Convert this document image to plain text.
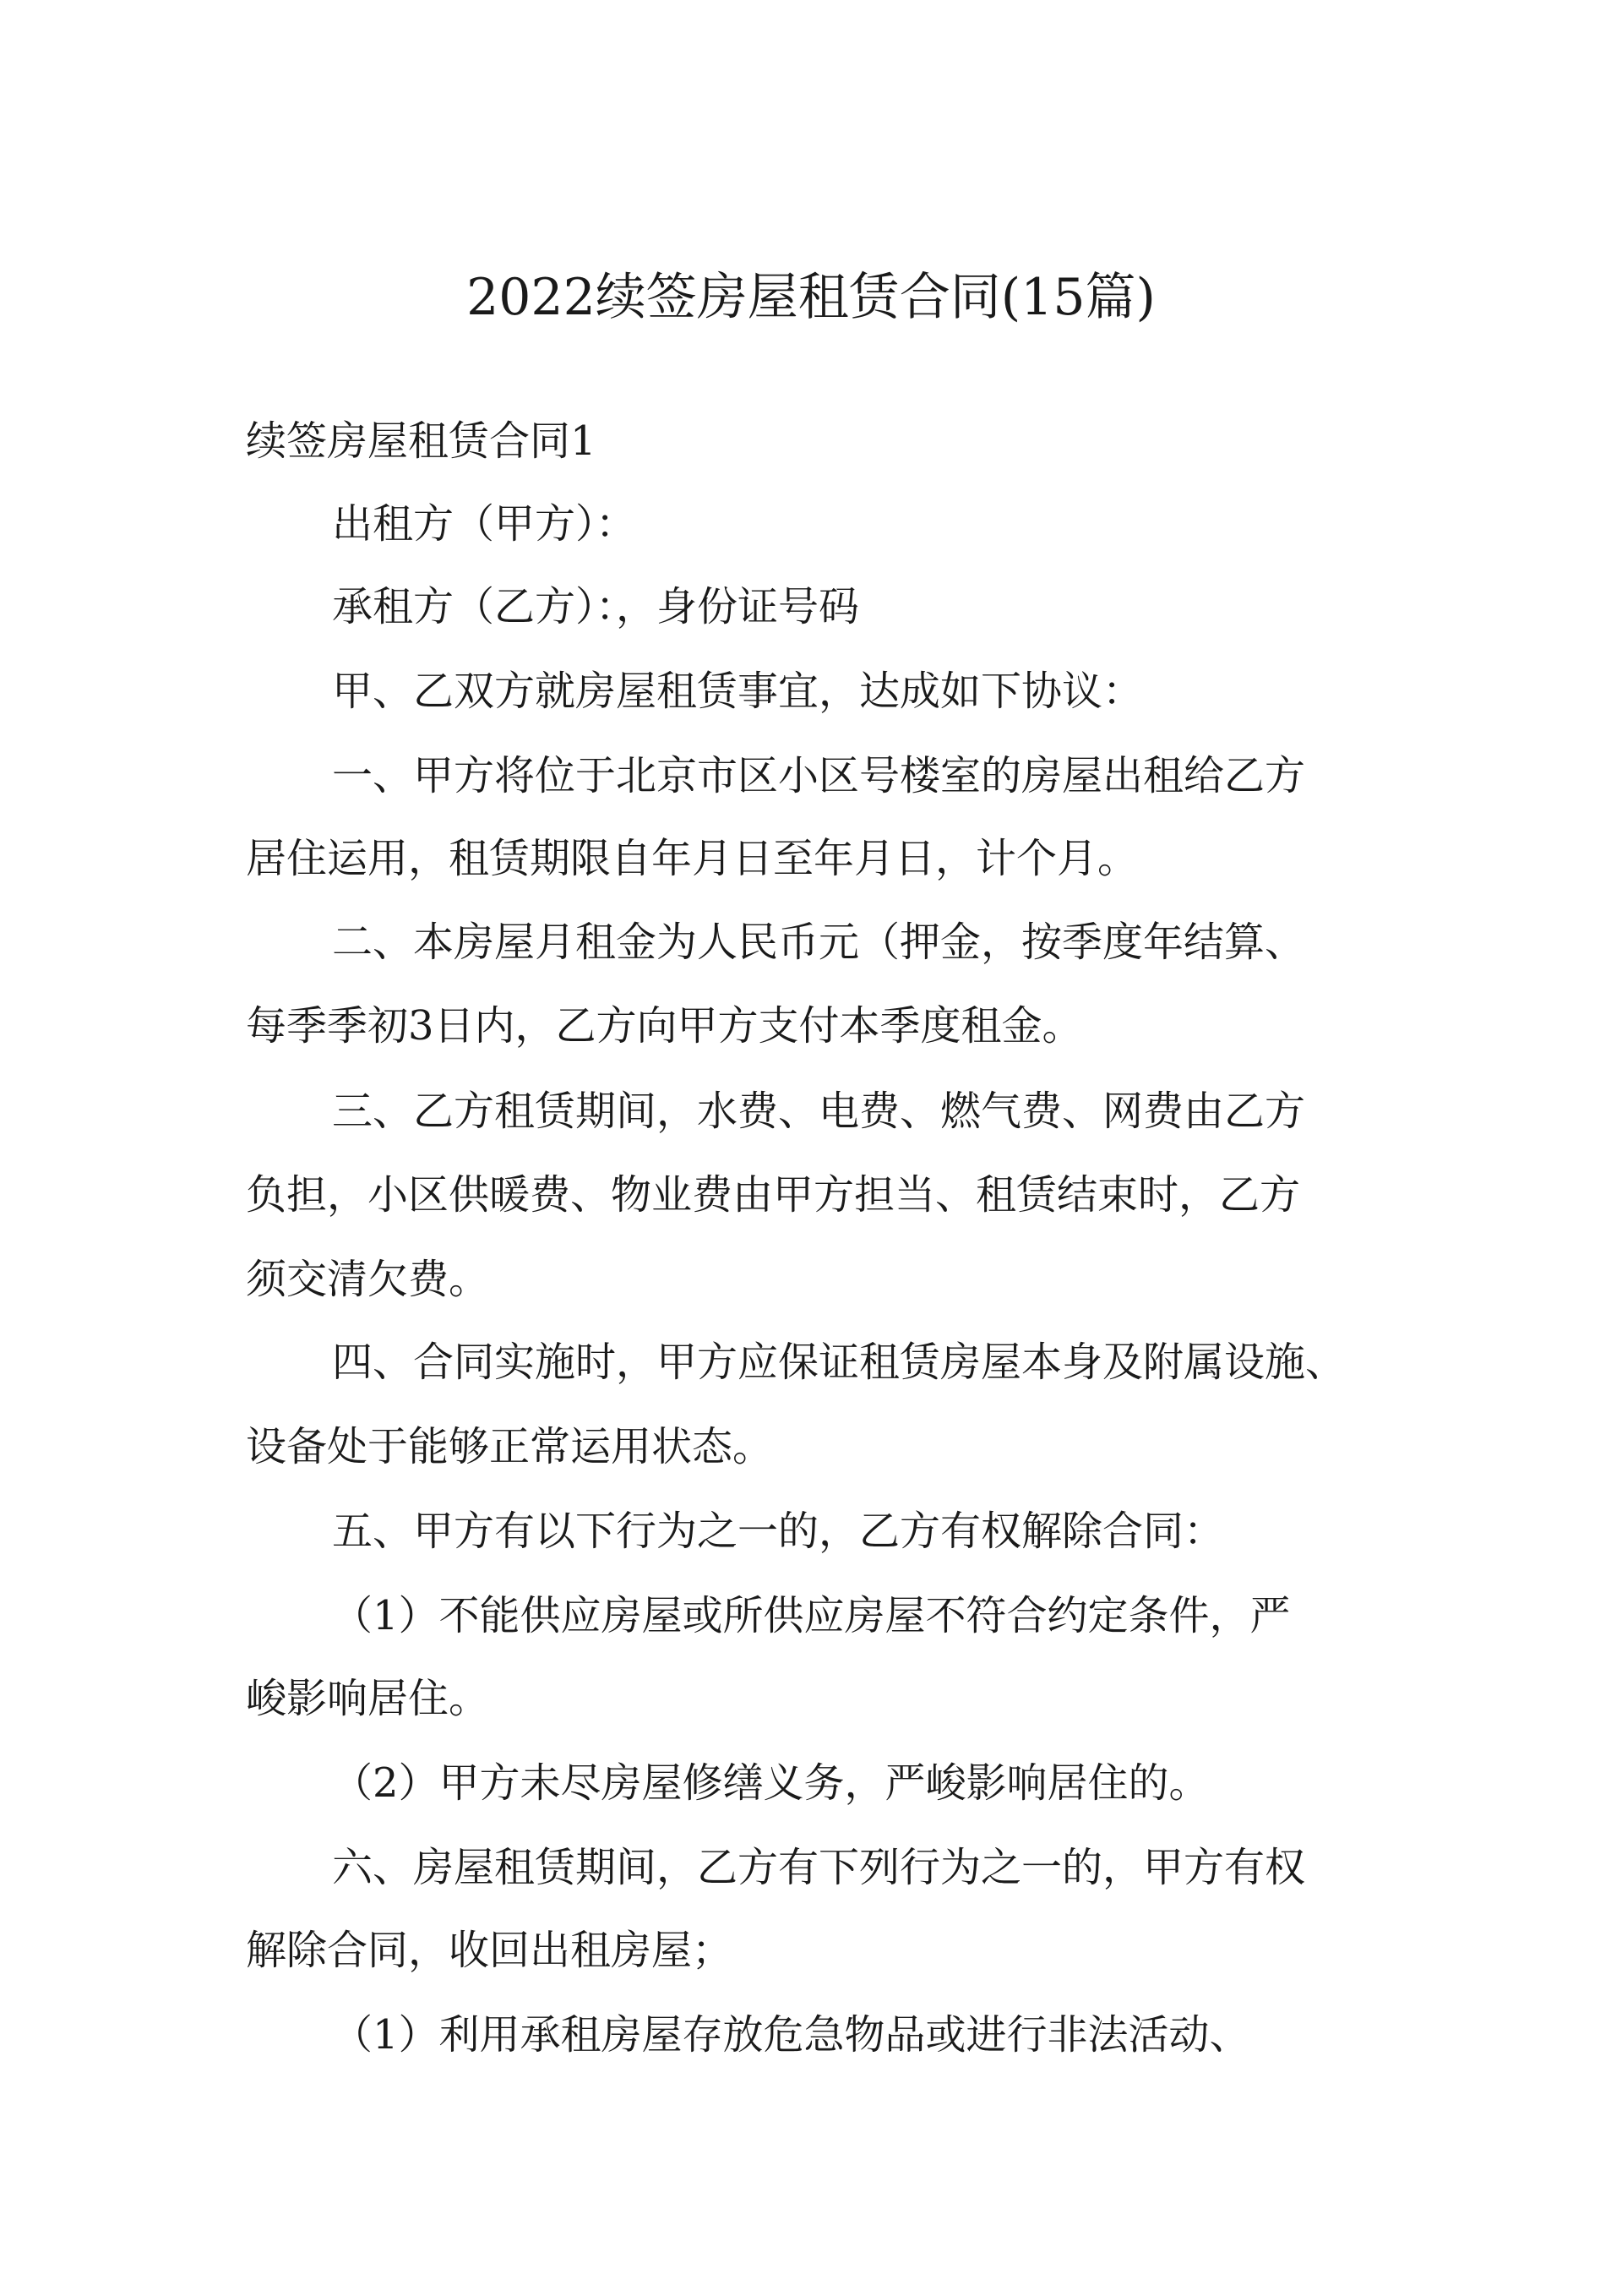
2022续签房屋租赁合同(15篇)
续签房屋租赁合同1
出租方（甲方）：
承租方（乙方）：，身份证号码
甲、乙双方就房屋租赁事宜，达成如下协议：
一、甲方将位于北京市区小区号楼室的房屋出租给乙方
居住运用，租赁期限自年月日至年月日，计个月。
二、本房屋月租金为人民币元（押金，按季度年结算、
每季季初3日内，乙方向甲方支付本季度租金。
三、乙方租赁期间，水费、电费、燃气费、网费由乙方
负担，小区供暖费、物业费由甲方担当、租赁结束时，乙方
须交清欠费。
四、合同实施时，甲方应保证租赁房屋本身及附属设施、
设备处于能够正常运用状态。
五、甲方有以下行为之一的，乙方有权解除合同：
（1）不能供应房屋或所供应房屋不符合约定条件，严
峻影响居住。
（2）甲方未尽房屋修缮义务，严峻影响居住的。
六、房屋租赁期间，乙方有下列行为之一的，甲方有权
解除合同，收回出租房屋；
（1）利用承租房屋存放危急物品或进行非法活动、
